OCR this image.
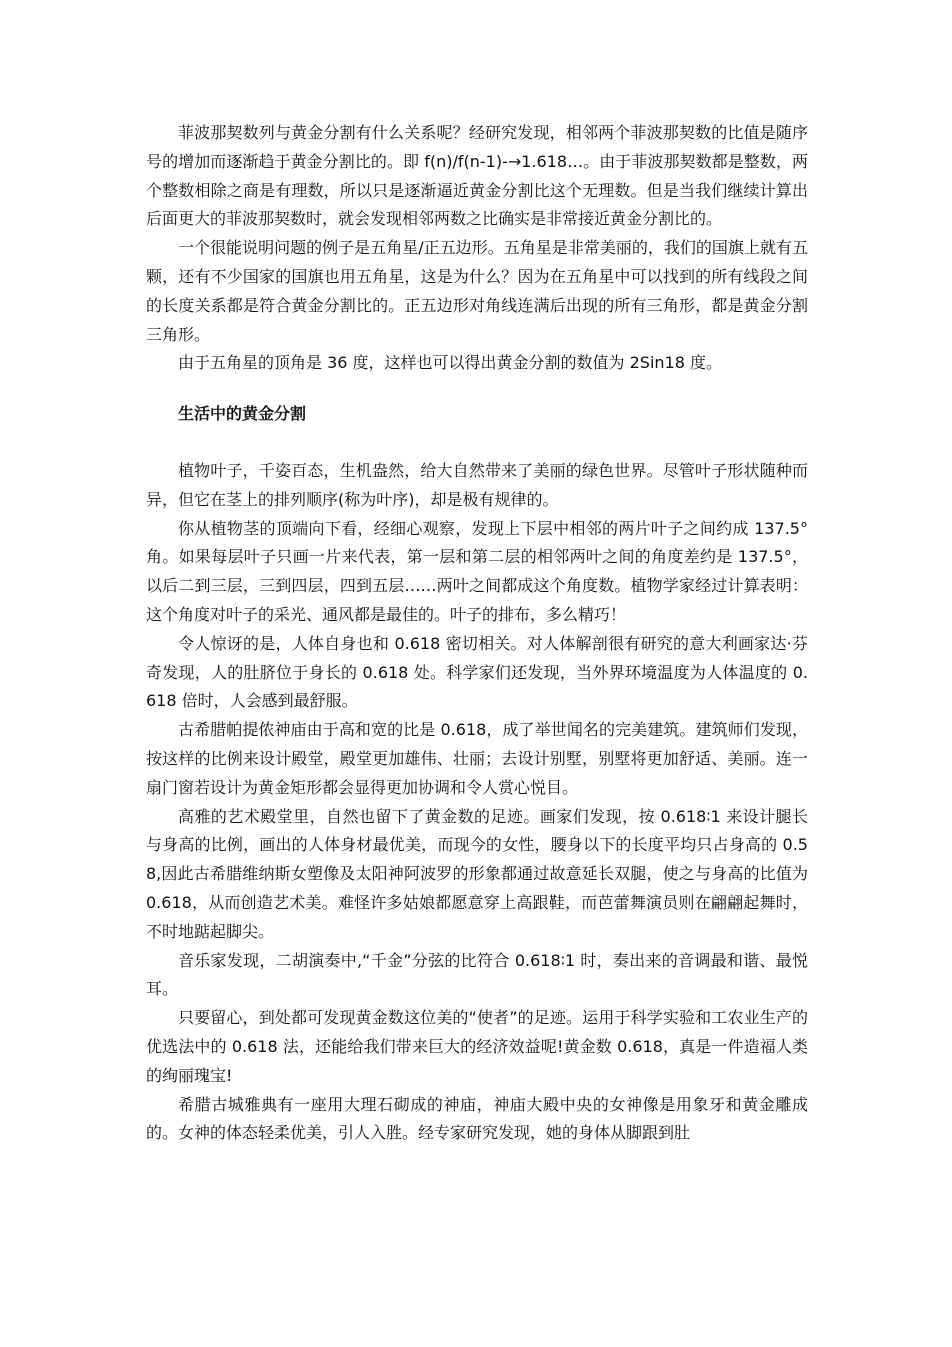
菲波那契数列与黄金分割有什么关系呢？经研究发现，相邻两个菲波那契数的比值是随序号的增加而逐渐趋于黄金分割比的。即 f(n)/f(n-1)-→1.618…。由于菲波那契数都是整数，两个整数相除之商是有理数，所以只是逐渐逼近黄金分割比这个无理数。但是当我们继续计算出后面更大的菲波那契数时，就会发现相邻两数之比确实是非常接近黄金分割比的。

一个很能说明问题的例子是五角星/正五边形。五角星是非常美丽的，我们的国旗上就有五颗，还有不少国家的国旗也用五角星，这是为什么？因为在五角星中可以找到的所有线段之间的长度关系都是符合黄金分割比的。正五边形对角线连满后出现的所有三角形，都是黄金分割三角形。

由于五角星的顶角是 36 度，这样也可以得出黄金分割的数值为 2Sin18 度。

生活中的黄金分割

植物叶子，千姿百态，生机盎然，给大自然带来了美丽的绿色世界。尽管叶子形状随种而异，但它在茎上的排列顺序(称为叶序)，却是极有规律的。

你从植物茎的顶端向下看，经细心观察，发现上下层中相邻的两片叶子之间约成 137.5°角。如果每层叶子只画一片来代表，第一层和第二层的相邻两叶之间的角度差约是 137.5°，以后二到三层，三到四层，四到五层……两叶之间都成这个角度数。植物学家经过计算表明：这个角度对叶子的采光、通风都是最佳的。叶子的排布，多么精巧！

令人惊讶的是，人体自身也和 0.618 密切相关。对人体解剖很有研究的意大利画家达·芬奇发现，人的肚脐位于身长的 0.618 处。科学家们还发现，当外界环境温度为人体温度的 0.618 倍时，人会感到最舒服。

古希腊帕提侬神庙由于高和宽的比是 0.618，成了举世闻名的完美建筑。建筑师们发现，按这样的比例来设计殿堂，殿堂更加雄伟、壮丽；去设计别墅，别墅将更加舒适、美丽。连一扇门窗若设计为黄金矩形都会显得更加协调和令人赏心悦目。

高雅的艺术殿堂里，自然也留下了黄金数的足迹。画家们发现，按 0.618∶1 来设计腿长与身高的比例，画出的人体身材最优美，而现今的女性，腰身以下的长度平均只占身高的 0.58,因此古希腊维纳斯女塑像及太阳神阿波罗的形象都通过故意延长双腿，使之与身高的比值为 0.618，从而创造艺术美。难怪许多姑娘都愿意穿上高跟鞋，而芭蕾舞演员则在翩翩起舞时，不时地踮起脚尖。

音乐家发现，二胡演奏中,“千金”分弦的比符合 0.618∶1 时，奏出来的音调最和谐、最悦耳。

只要留心，到处都可发现黄金数这位美的“使者”的足迹。运用于科学实验和工农业生产的优选法中的 0.618 法，还能给我们带来巨大的经济效益呢!黄金数 0.618，真是一件造福人类的绚丽瑰宝!

希腊古城雅典有一座用大理石砌成的神庙，神庙大殿中央的女神像是用象牙和黄金雕成的。女神的体态轻柔优美，引人入胜。经专家研究发现，她的身体从脚跟到肚
